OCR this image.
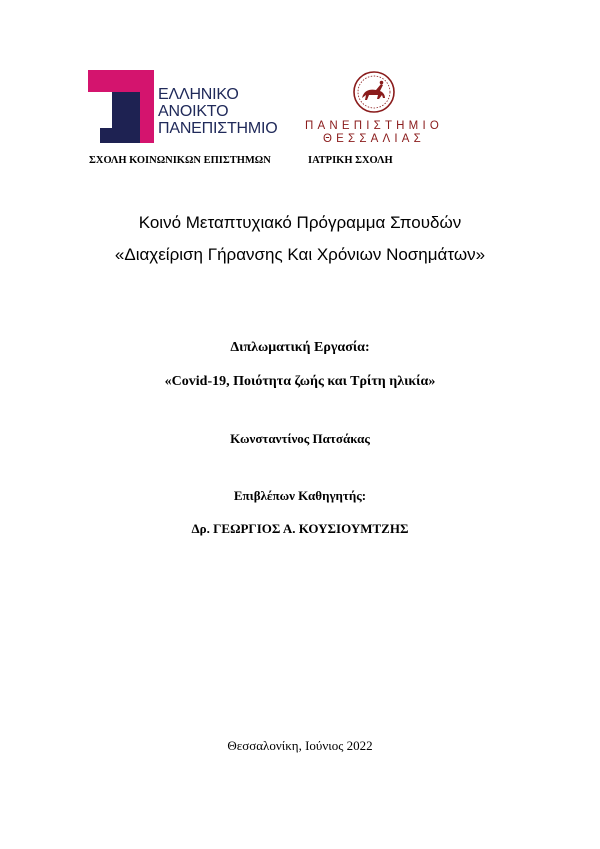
ΕΛΛΗΝΙΚΟ
ΑΝΟΙΚΤΟ
ΠΑΝΕΠΙΣΤΗΜΙΟ	ΠΑΝΕΠΙΣΤΗΜΙΟ
ΘΕΣΣΑΛΙΑΣ
ΣΧΟΛΗ ΚΟΙΝΩΝΙΚΩΝ ΕΠΙΣΤΗΜΩΝ	ΙΑΤΡΙΚΗ ΣΧΟΛΗ
Κοινό Μεταπτυχιακό Πρόγραμμα Σπουδών
«Διαχείριση Γήρανσης Και Χρόνιων Νοσημάτων»
Διπλωματική Εργασία:
«Covid-19, Ποιότητα ζωής και Τρίτη ηλικία»
Κωνσταντίνος Πατσάκας
Επιβλέπων Καθηγητής:
Δρ. ΓΕΩΡΓΙΟΣ Α. ΚΟΥΣΙΟΥΜΤΖΗΣ
Θεσσαλονίκη, Ιούνιος 2022
